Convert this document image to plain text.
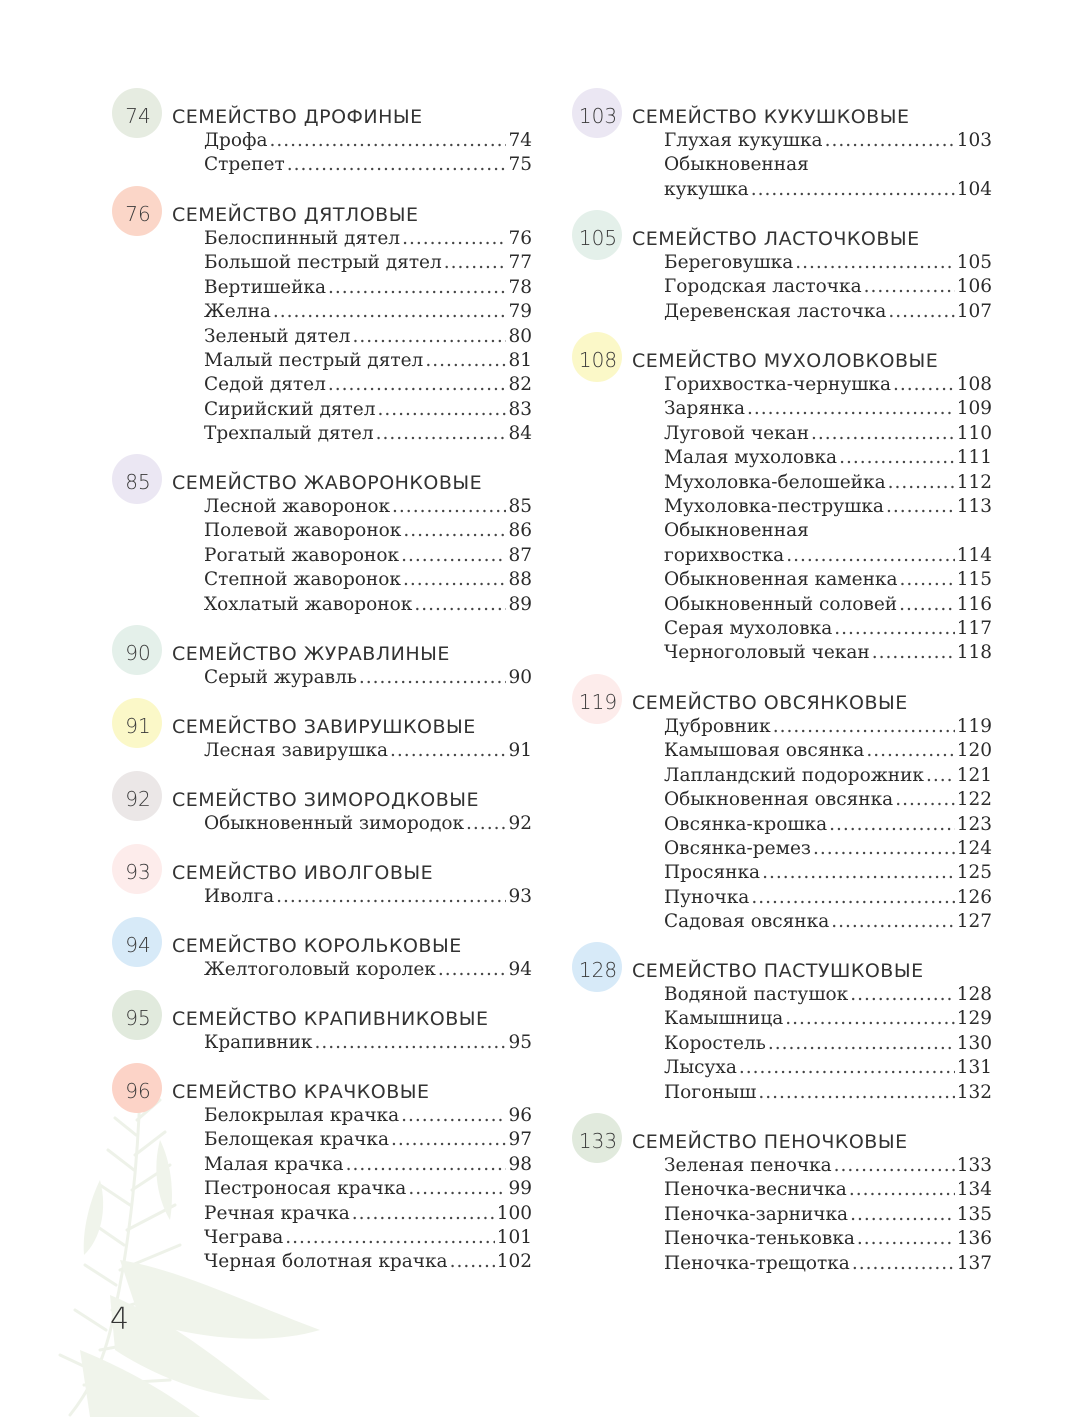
74	СЕМЕЙСТВО ДРОФИНЫЕ
Дрофа .....	74
Стрепет .....	75
76	СЕМЕЙСТВО ДЯТЛОВЫЕ
Белоспинный дятел .....	76
Большой пестрый дятел .....	77
Вертишейка .....	78
Желна .....	79
Зеленый дятел .....	80
Малый пестрый дятел .....	81
Седой дятел .....	82
Сирийский дятел .....	83
Трехпалый дятел .....	84
85	СЕМЕЙСТВО ЖАВОРОНКОВЫЕ
Лесной жаворонок .....	85
Полевой жаворонок .....	86
Рогатый жаворонок .....	87
Степной жаворонок .....	88
Хохлатый жаворонок .....	89
90	СЕМЕЙСТВО ЖУРАВЛИНЫЕ
Серый журавль .....	90
91	СЕМЕЙСТВО ЗАВИРУШКОВЫЕ
Лесная завирушка .....	91
92	СЕМЕЙСТВО ЗИМОРОДКОВЫЕ
Обыкновенный зимородок ..... 92
93	СЕМЕЙСТВО ИВОЛГОВЫЕ
Иволга .....	93
94	СЕМЕЙСТВО КОРОЛЬКОВЫЕ
Желтоголовый королек .....	94
95	СЕМЕЙСТВО КРАПИВНИКОВЫЕ
Крапивник .....	95
96	СЕМЕЙСТВО КРАЧКОВЫЕ
Белокрылая крачка .....	96
Белощекая крачка .....	97
Малая крачка .....	98
Пестроносая крачка .....	99
Речная крачка .....	100
Чеграва .....	101
Черная болотная крачка .....	102
103 СЕМЕЙСТВО КУКУШКОВЫЕ
Глухая кукушка .....	103
Обыкновенная
кукушка .....	104
105 СЕМЕЙСТВО ЛАСТОЧКОВЫЕ
Береговушка .....	105
Городская ласточка .....	106
Деревенская ласточка .....	107
108 СЕМЕЙСТВО МУХОЛОВКОВЫЕ
Горихвостка-чернушка .....	108
Зарянка .....	109
Луговой чекан .....	110
Малая мухоловка .....	111
Мухоловка-белошейка .....	112
Мухоловка-пеструшка .....	113
Обыкновенная
горихвостка .....	114
Обыкновенная каменка .....	115
Обыкновенный соловей .....	116
Серая мухоловка .....	117
Черноголовый чекан .....	118
119 СЕМЕЙСТВО ОВСЯНКОВЫЕ
Дубровник .....	119
Камышовая овсянка .....	120
Лапландский подорожник ..... 121
Обыкновенная овсянка .....	122
Овсянка-крошка .....	123
Овсянка-ремез .....	124
Просянка .....	125
Пуночка .....	126
Садовая овсянка .....	127
128 СЕМЕЙСТВО ПАСТУШКОВЫЕ
Водяной пастушок .....	128
Камышница .....	129
Коростель .....	130
Лысуха .....	131
Погоныш .....	132
133 СЕМЕЙСТВО ПЕНОЧКОВЫЕ
Зеленая пеночка .....	133
Пеночка-весничка .....	134
Пеночка-зарничка .....	135
Пеночка-теньковка .....	136
Пеночка-трещотка .....	137
4
